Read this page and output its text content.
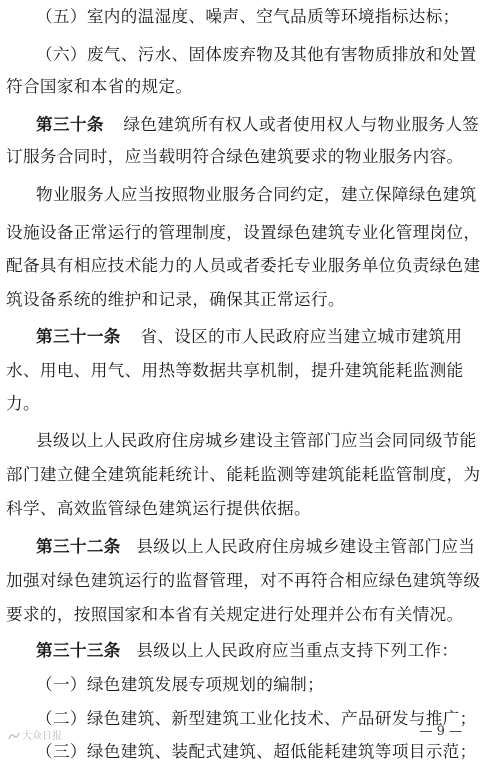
（五）室内的温湿度、噪声、空气品质等环境指标达标；
（六）废气、污水、固体废弃物及其他有害物质排放和处置
符合国家和本省的规定。
第三十条 绿色建筑所有权人或者使用权人与物业服务人签
订服务合同时，应当载明符合绿色建筑要求的物业服务内容。
物业服务人应当按照物业服务合同约定，建立保障绿色建筑
设施设备正常运行的管理制度，设置绿色建筑专业化管理岗位，
配备具有相应技术能力的人员或者委托专业服务单位负责绿色建
筑设备系统的维护和记录，确保其正常运行。
第三十一条 省、设区的市人民政府应当建立城市建筑用
水、用电、用气、用热等数据共享机制，提升建筑能耗监测能
力。
县级以上人民政府住房城乡建设主管部门应当会同同级节能
部门建立健全建筑能耗统计、能耗监测等建筑能耗监管制度，为
科学、高效监管绿色建筑运行提供依据。
第三十二条 县级以上人民政府住房城乡建设主管部门应当
加强对绿色建筑运行的监督管理，对不再符合相应绿色建筑等级
要求的，按照国家和本省有关规定进行处理并公布有关情况。
第三十三条 县级以上人民政府应当重点支持下列工作：
（一）绿色建筑发展专项规划的编制；
（二）绿色建筑、新型建筑工业化技术、产品研发与推广；
（三）绿色建筑、装配式建筑、超低能耗建筑等项目示范；
大众日报	— 9 —
